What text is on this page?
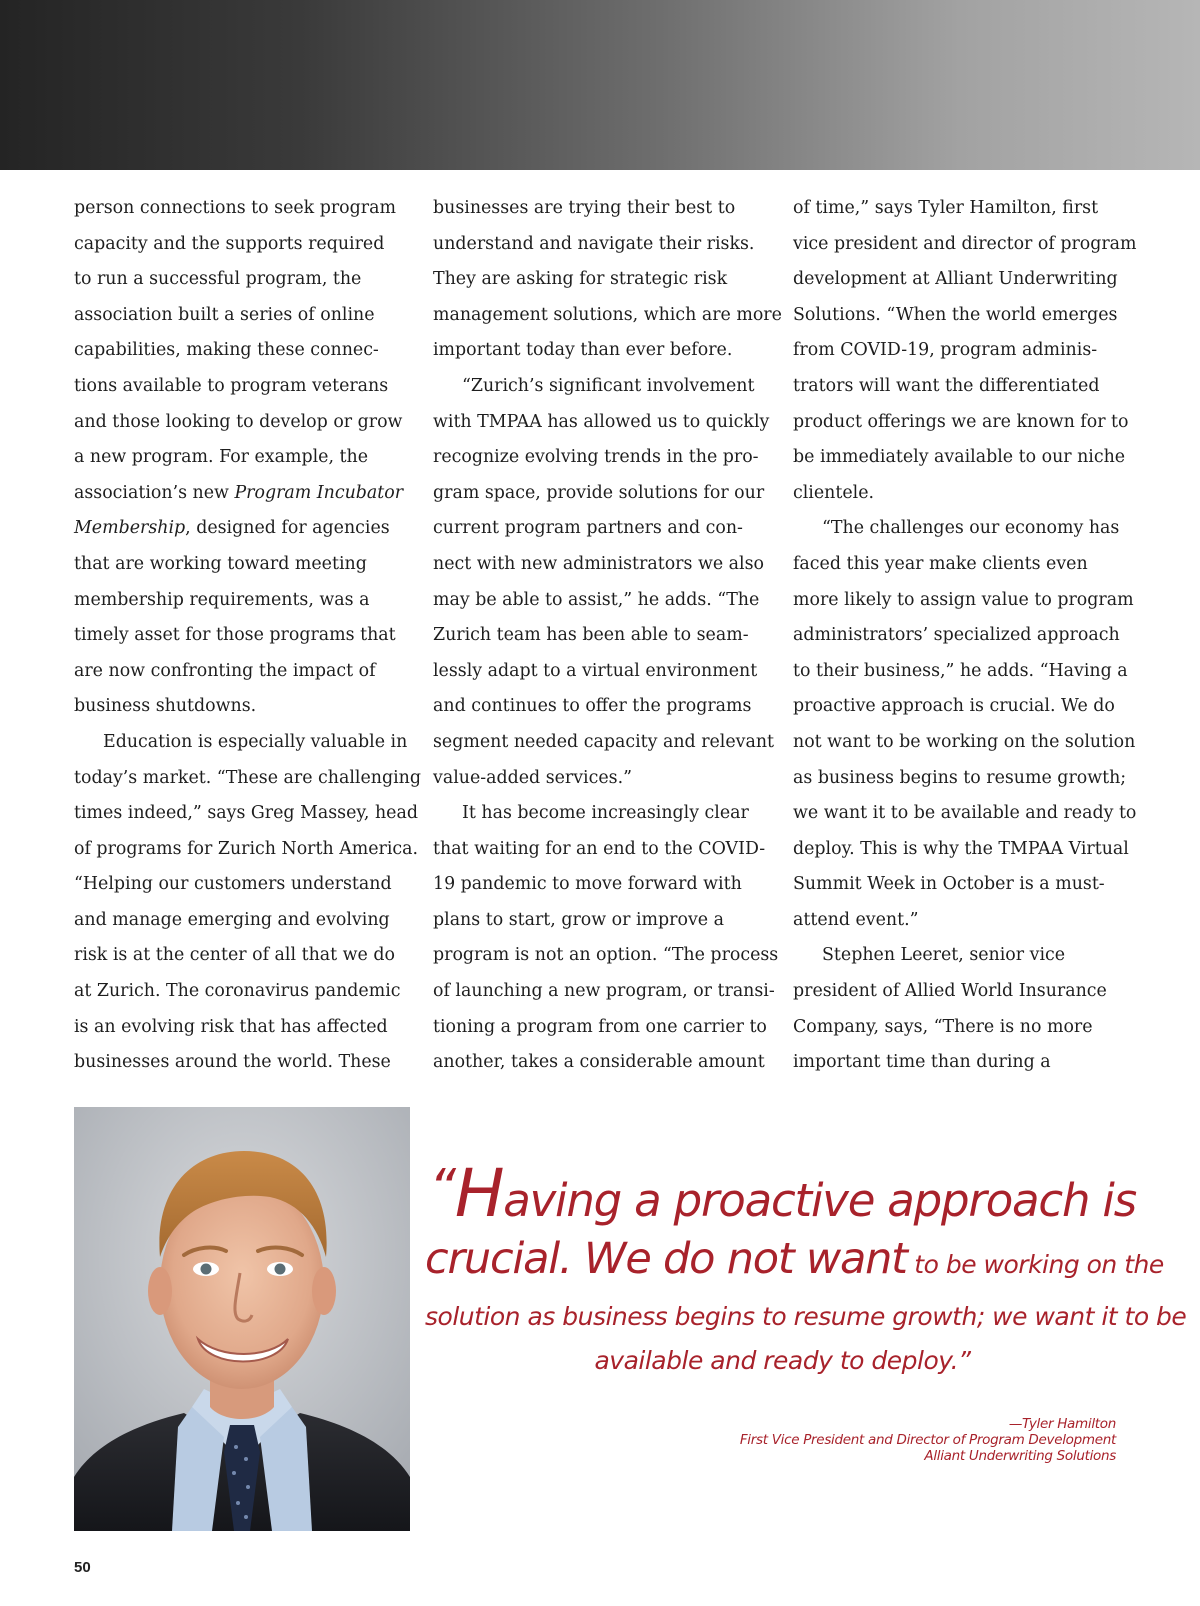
person connections to seek program
capacity and the supports required
to run a successful program, the
association built a series of online
capabilities, making these connec-
tions available to program veterans
and those looking to develop or grow
a new program. For example, the
association’s new Program Incubator
Membership, designed for agencies
that are working toward meeting
membership requirements, was a
timely asset for those programs that
are now confronting the impact of
business shutdowns.
Education is especially valuable in
today’s market. “These are challenging
times indeed,” says Greg Massey, head
of programs for Zurich North America.
“Helping our customers understand
and manage emerging and evolving
risk is at the center of all that we do
at Zurich. The coronavirus pandemic
is an evolving risk that has affected
businesses around the world. These
businesses are trying their best to
understand and navigate their risks.
They are asking for strategic risk
management solutions, which are more
important today than ever before.
“Zurich’s significant involvement
with TMPAA has allowed us to quickly
recognize evolving trends in the pro-
gram space, provide solutions for our
current program partners and con-
nect with new administrators we also
may be able to assist,” he adds. “The
Zurich team has been able to seam-
lessly adapt to a virtual environment
and continues to offer the programs
segment needed capacity and relevant
value-added services.”
It has become increasingly clear
that waiting for an end to the COVID-
19 pandemic to move forward with
plans to start, grow or improve a
program is not an option. “The process
of launching a new program, or transi-
tioning a program from one carrier to
another, takes a considerable amount
of time,” says Tyler Hamilton, first
vice president and director of program
development at Alliant Underwriting
Solutions. “When the world emerges
from COVID-19, program adminis-
trators will want the differentiated
product offerings we are known for to
be immediately available to our niche
clientele.
“The challenges our economy has
faced this year make clients even
more likely to assign value to program
administrators’ specialized approach
to their business,” he adds. “Having a
proactive approach is crucial. We do
not want to be working on the solution
as business begins to resume growth;
we want it to be available and ready to
deploy. This is why the TMPAA Virtual
Summit Week in October is a must-
attend event.”
Stephen Leeret, senior vice
president of Allied World Insurance
Company, says, “There is no more
important time than during a
“Having a proactive approach is
crucial. We do not want to be working on the
solution as business begins to resume growth; we want it to be
available and ready to deploy.”
—Tyler Hamilton
First Vice President and Director of Program Development
Alliant Underwriting Solutions
50
